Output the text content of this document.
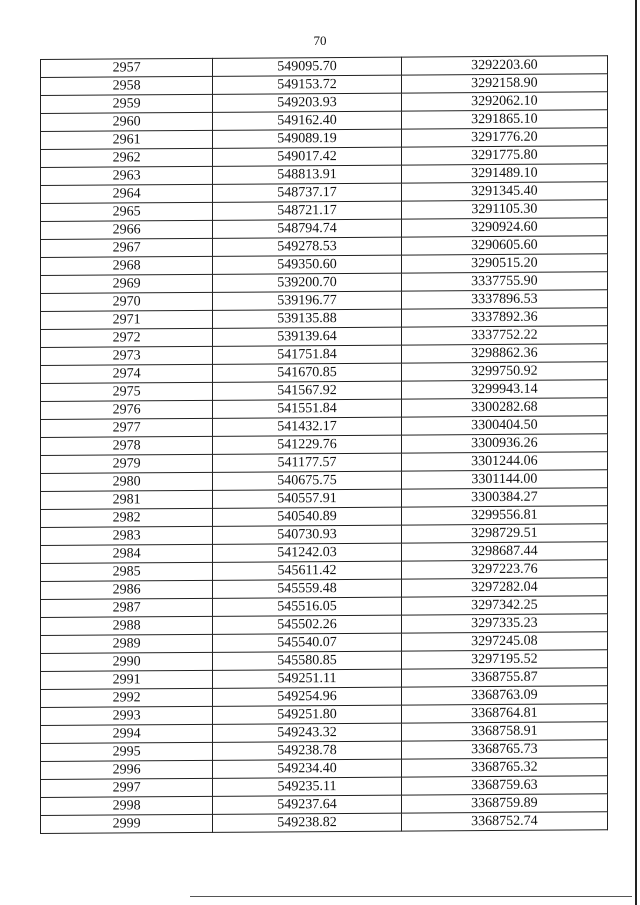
70
2957	549095.70	3292203.60
2958	549153.72	3292158.90
2959	549203.93	3292062.10
2960	549162.40	3291865.10
2961	549089.19	3291776.20
2962	549017.42	3291775.80
2963	548813.91	3291489.10
2964	548737.17	3291345.40
2965	548721.17	3291105.30
2966	548794.74	3290924.60
2967	549278.53	3290605.60
2968	549350.60	3290515.20
2969	539200.70	3337755.90
2970	539196.77	3337896.53
2971	539135.88	3337892.36
2972	539139.64	3337752.22
2973	541751.84	3298862.36
2974	541670.85	3299750.92
2975	541567.92	3299943.14
2976	541551.84	3300282.68
2977	541432.17	3300404.50
2978	541229.76	3300936.26
2979	541177.57	3301244.06
2980	540675.75	3301144.00
2981	540557.91	3300384.27
2982	540540.89	3299556.81
2983	540730.93	3298729.51
2984	541242.03	3298687.44
2985	545611.42	3297223.76
2986	545559.48	3297282.04
2987	545516.05	3297342.25
2988	545502.26	3297335.23
2989	545540.07	3297245.08
2990	545580.85	3297195.52
2991	549251.11	3368755.87
2992	549254.96	3368763.09
2993	549251.80	3368764.81
2994	549243.32	3368758.91
2995	549238.78	3368765.73
2996	549234.40	3368765.32
2997	549235.11	3368759.63
2998	549237.64	3368759.89
2999	549238.82	3368752.74
